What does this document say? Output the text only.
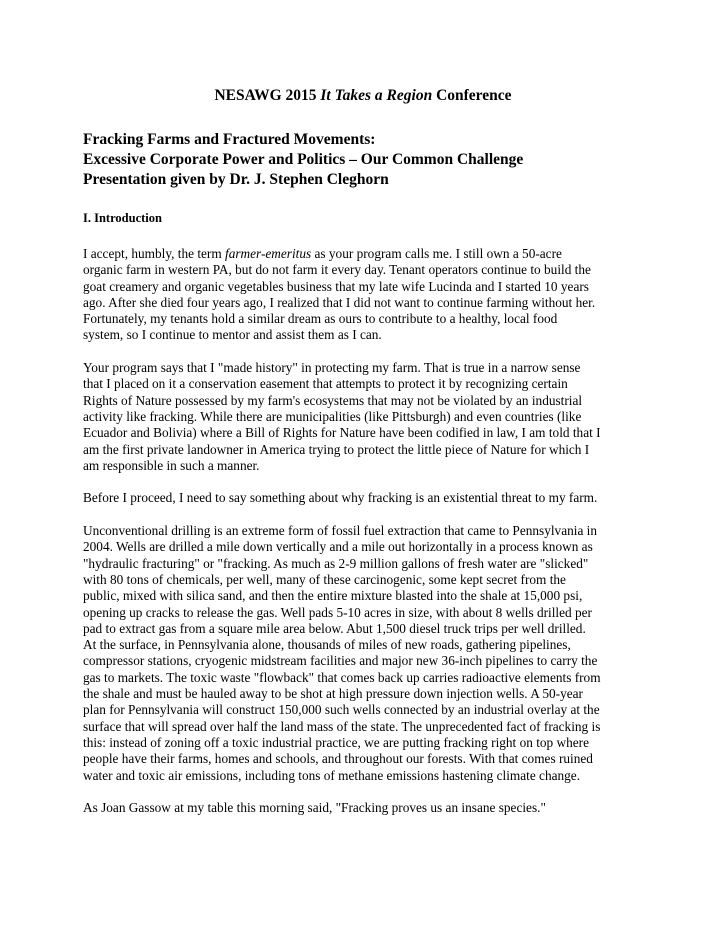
NESAWG 2015 It Takes a Region Conference
Fracking Farms and Fractured Movements:
Excessive Corporate Power and Politics – Our Common Challenge
Presentation given by Dr. J. Stephen Cleghorn
I. Introduction
I accept, humbly, the term farmer-emeritus as your program calls me. I still own a 50-acre
organic farm in western PA, but do not farm it every day. Tenant operators continue to build the
goat creamery and organic vegetables business that my late wife Lucinda and I started 10 years
ago. After she died four years ago, I realized that I did not want to continue farming without her.
Fortunately, my tenants hold a similar dream as ours to contribute to a healthy, local food
system, so I continue to mentor and assist them as I can.
Your program says that I "made history" in protecting my farm. That is true in a narrow sense
that I placed on it a conservation easement that attempts to protect it by recognizing certain
Rights of Nature possessed by my farm's ecosystems that may not be violated by an industrial
activity like fracking. While there are municipalities (like Pittsburgh) and even countries (like
Ecuador and Bolivia) where a Bill of Rights for Nature have been codified in law, I am told that I
am the first private landowner in America trying to protect the little piece of Nature for which I
am responsible in such a manner.
Before I proceed, I need to say something about why fracking is an existential threat to my farm.
Unconventional drilling is an extreme form of fossil fuel extraction that came to Pennsylvania in
2004. Wells are drilled a mile down vertically and a mile out horizontally in a process known as
"hydraulic fracturing" or "fracking. As much as 2-9 million gallons of fresh water are "slicked"
with 80 tons of chemicals, per well, many of these carcinogenic, some kept secret from the
public, mixed with silica sand, and then the entire mixture blasted into the shale at 15,000 psi,
opening up cracks to release the gas. Well pads 5-10 acres in size, with about 8 wells drilled per
pad to extract gas from a square mile area below. Abut 1,500 diesel truck trips per well drilled.
At the surface, in Pennsylvania alone, thousands of miles of new roads, gathering pipelines,
compressor stations, cryogenic midstream facilities and major new 36-inch pipelines to carry the
gas to markets. The toxic waste "flowback" that comes back up carries radioactive elements from
the shale and must be hauled away to be shot at high pressure down injection wells. A 50-year
plan for Pennsylvania will construct 150,000 such wells connected by an industrial overlay at the
surface that will spread over half the land mass of the state. The unprecedented fact of fracking is
this: instead of zoning off a toxic industrial practice, we are putting fracking right on top where
people have their farms, homes and schools, and throughout our forests. With that comes ruined
water and toxic air emissions, including tons of methane emissions hastening climate change.
As Joan Gassow at my table this morning said, "Fracking proves us an insane species."
